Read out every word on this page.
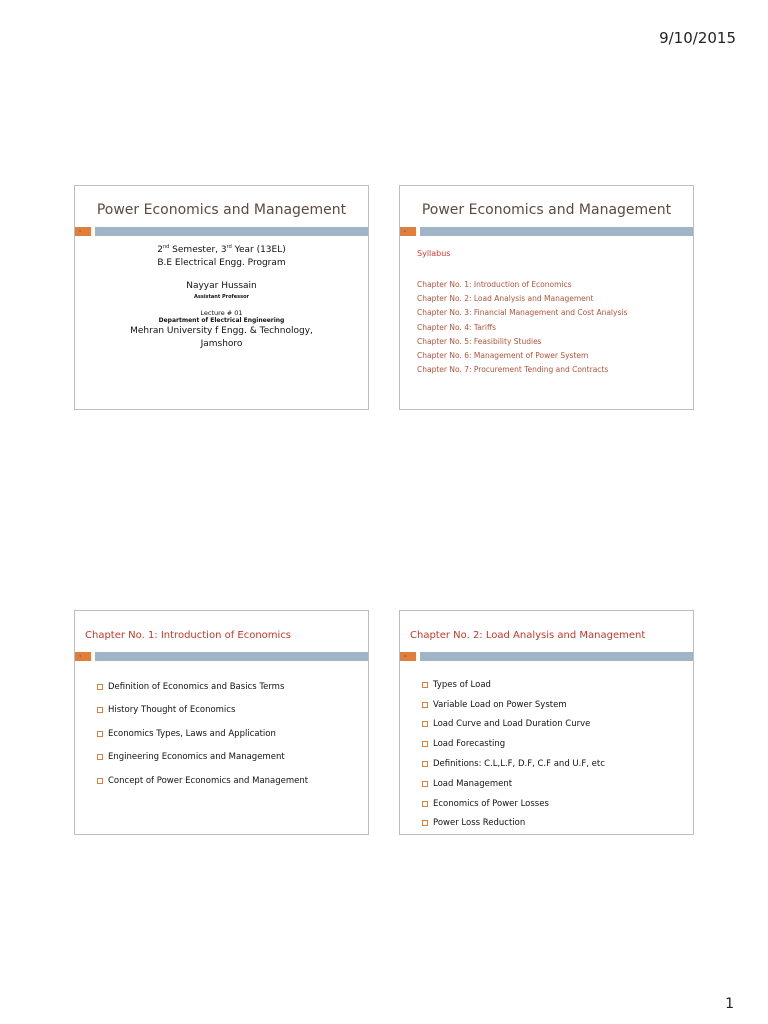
9/10/2015
Power Economics and Management
1
2nd Semester, 3rd Year (13EL)
B.E Electrical Engg. Program
Nayyar Hussain
Assistant Professor
Lecture # 01
Department of Electrical Engineering
Mehran University f Engg. & Technology,
Jamshoro
Power Economics and Management
2
Syllabus
Chapter No. 1: Introduction of Economics
Chapter No. 2: Load Analysis and Management
Chapter No. 3: Financial Management and Cost Analysis
Chapter No. 4: Tariffs
Chapter No. 5: Feasibility Studies
Chapter No. 6: Management of Power System
Chapter No. 7: Procurement Tending and Contracts
Chapter No. 1: Introduction of Economics
3
Definition of Economics and Basics Terms
History Thought of Economics
Economics Types, Laws and Application
Engineering Economics and Management
Concept of Power Economics and Management
Chapter No. 2: Load Analysis and Management
4
Types of Load
Variable Load on Power System
Load Curve and Load Duration Curve
Load Forecasting
Definitions: C.L,L.F, D.F, C.F and U.F, etc
Load Management
Economics of Power Losses
Power Loss Reduction
1
